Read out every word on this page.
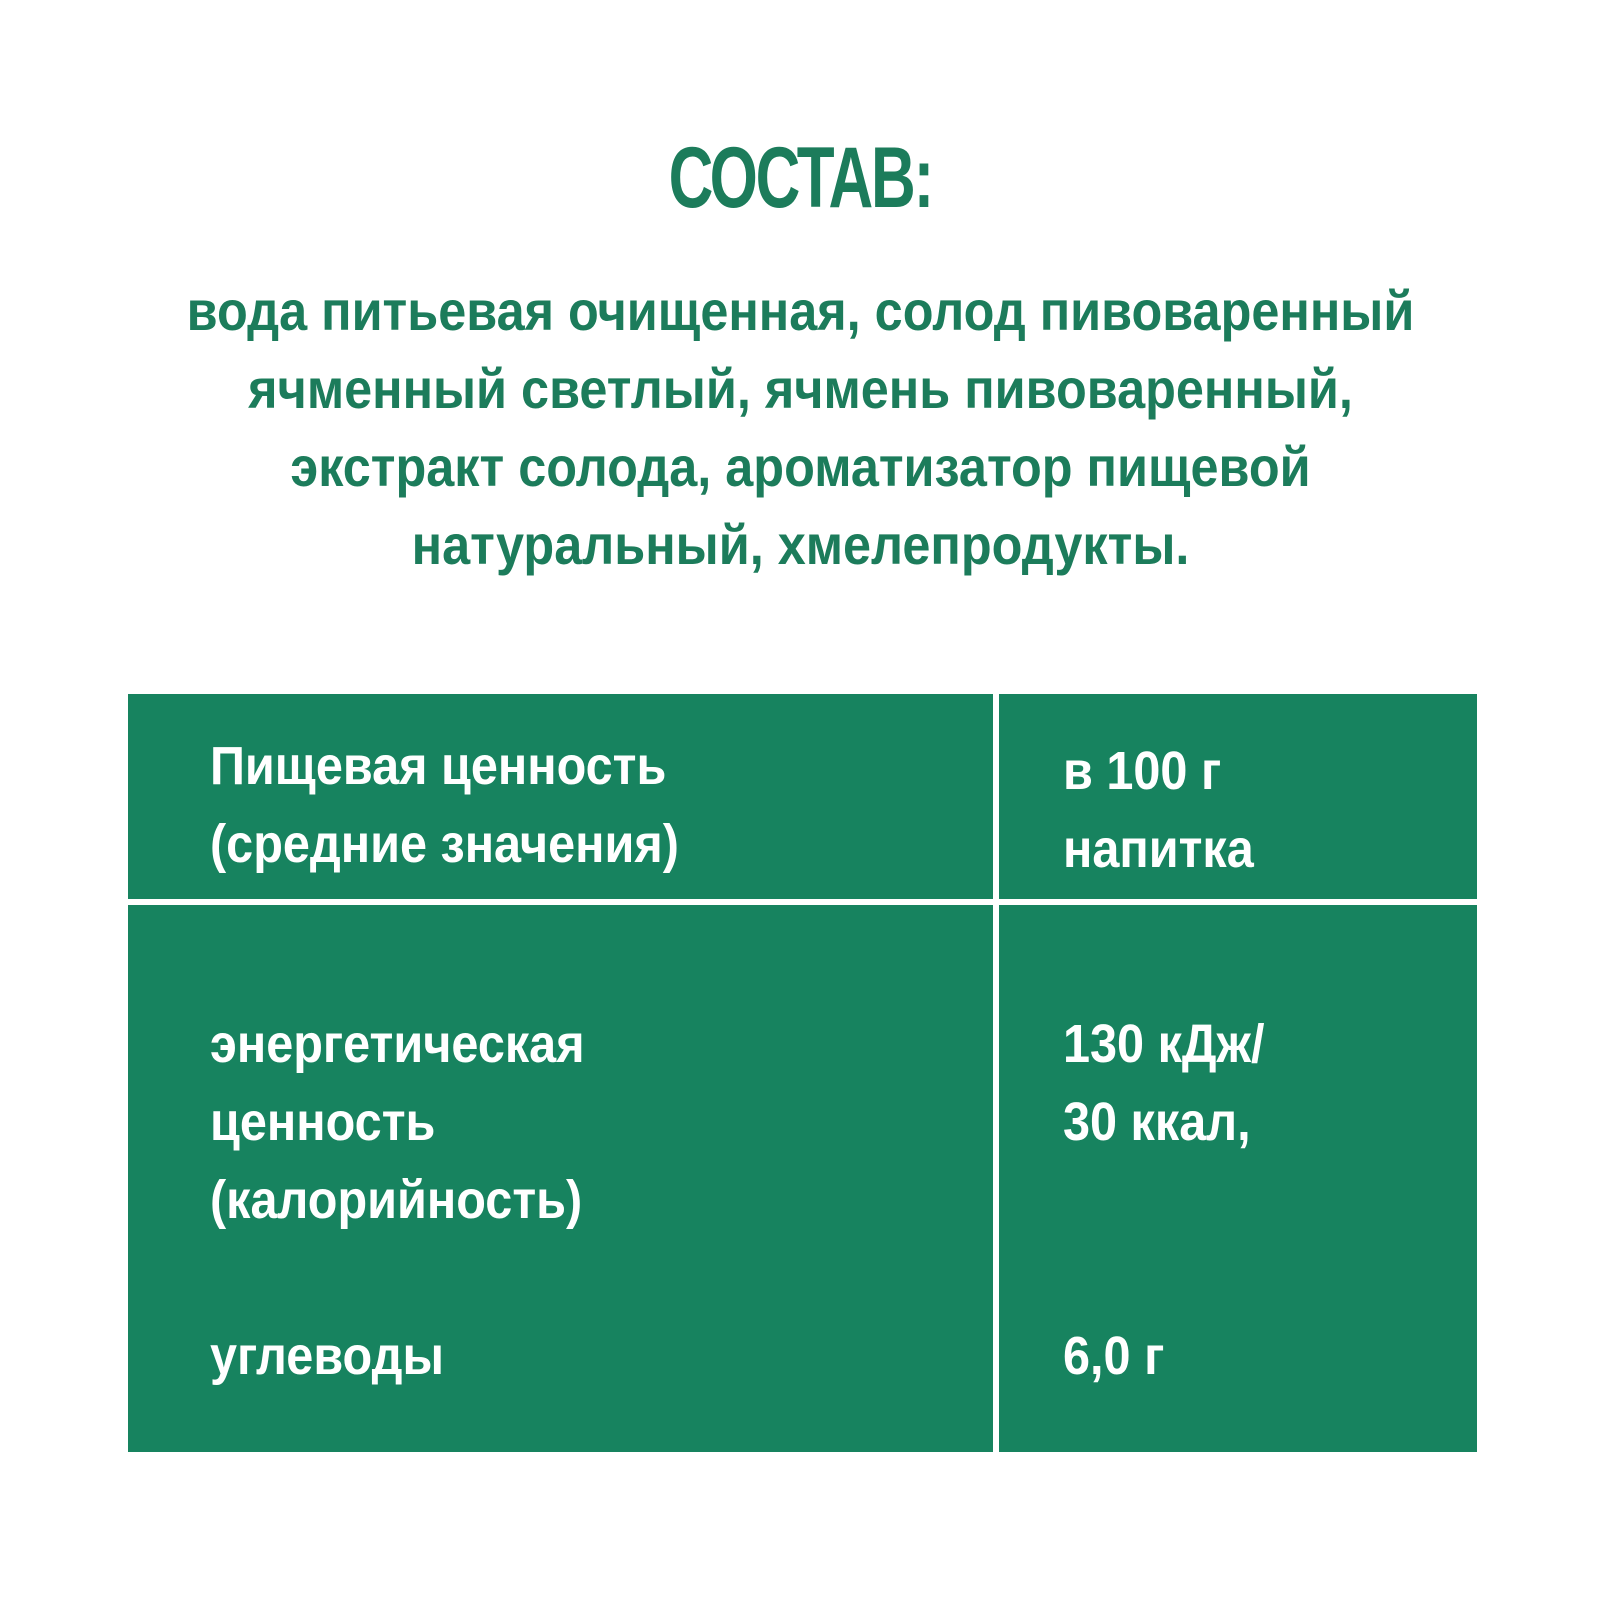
СОСТАВ:
вода питьевая очищенная, солод пивоваренный
ячменный светлый, ячмень пивоваренный,
экстракт солода, ароматизатор пищевой
натуральный, хмелепродукты.
Пищевая ценность
(средние значения)
в 100 г
напитка
энергетическая
ценность
(калорийность)
углеводы
130 кДж/
30 ккал,
6,0 г
